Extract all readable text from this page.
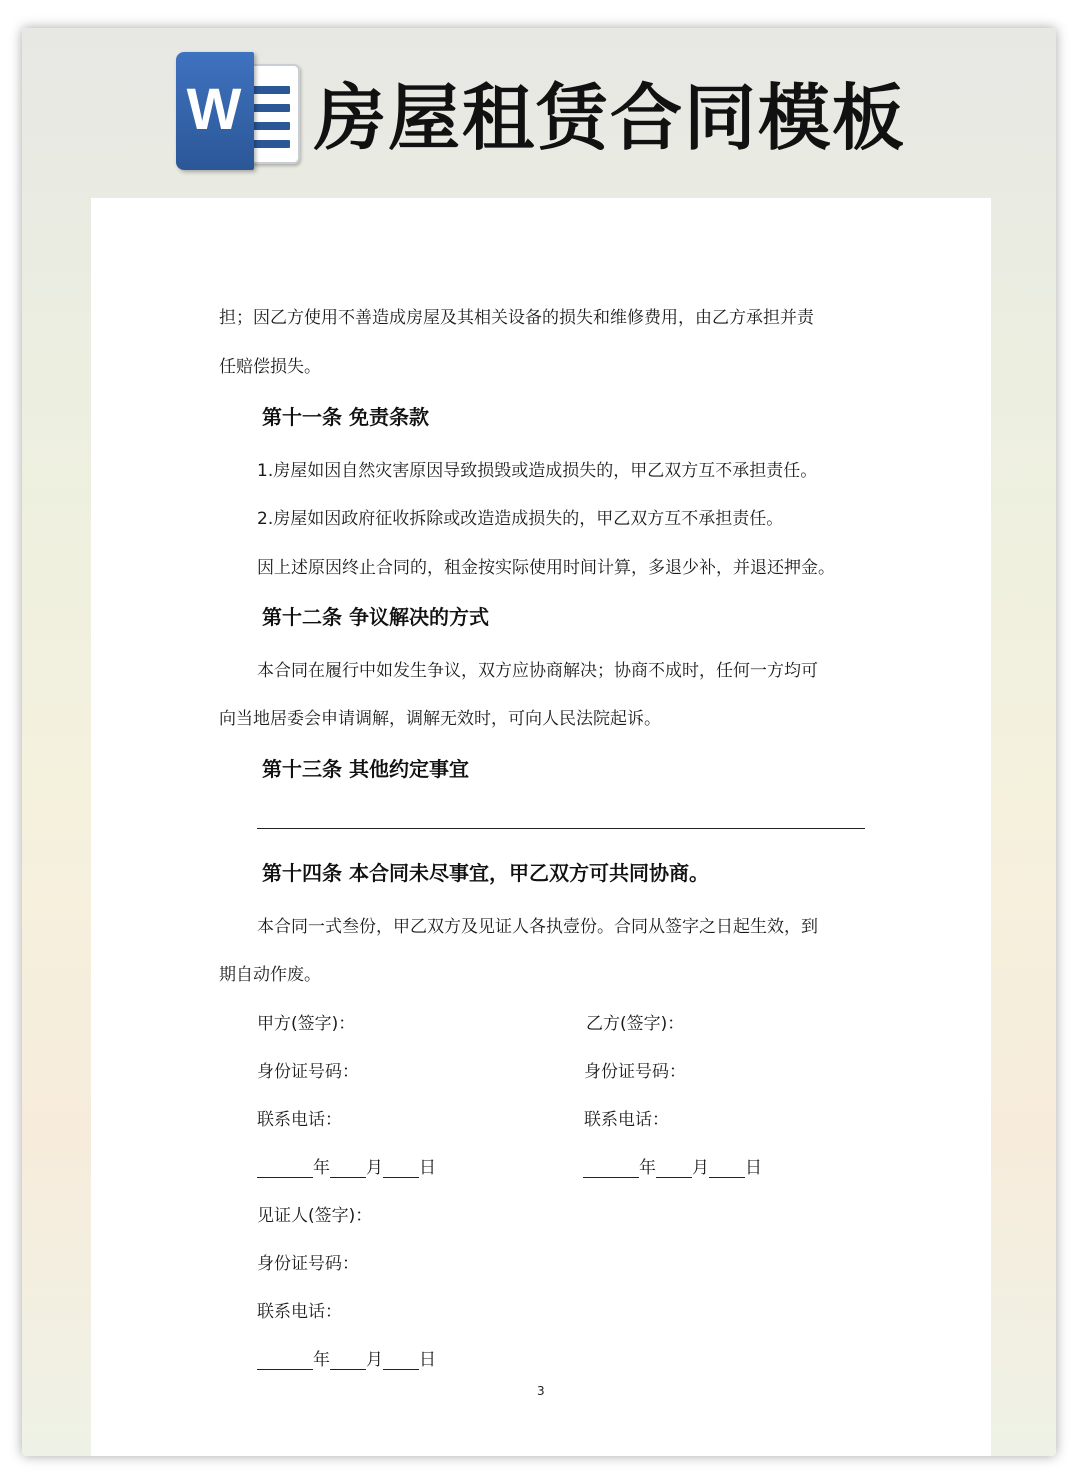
W 房屋租赁合同模板
担；因乙方使用不善造成房屋及其相关设备的损失和维修费用，由乙方承担并责
任赔偿损失。
第十一条 免责条款
1.房屋如因自然灾害原因导致损毁或造成损失的，甲乙双方互不承担责任。
2.房屋如因政府征收拆除或改造造成损失的，甲乙双方互不承担责任。
因上述原因终止合同的，租金按实际使用时间计算，多退少补，并退还押金。
第十二条 争议解决的方式
本合同在履行中如发生争议，双方应协商解决；协商不成时，任何一方均可
向当地居委会申请调解，调解无效时，可向人民法院起诉。
第十三条 其他约定事宜
第十四条 本合同未尽事宜，甲乙双方可共同协商。
本合同一式叁份，甲乙双方及见证人各执壹份。合同从签字之日起生效，到
期自动作废。
甲方(签字)：	乙方(签字)：
身份证号码：	身份证号码：
联系电话：	联系电话：
年 月 日	年 月 日
见证人(签字)：
身份证号码：
联系电话：
年 月 日
3
